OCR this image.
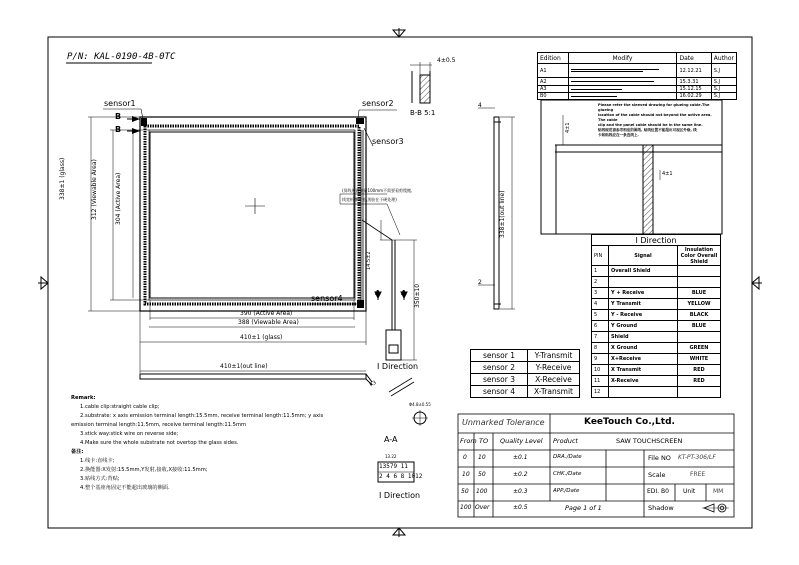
P/N: KAL-0190-4B-0TC	Edition	Modify	Date	Author
A1		12.12.21	S.J
A2		15.3.31	S.J
A3		15.12.15	S.J
B0		16.02.29	S.J
sensor1	sensor2
sensor3
sensor4
B
B
B-B 5:1
4±0.5
(屏线外露测量100mm不需要看剪缆搬,
线宽折叠弯处,黑胶在干硬处理)
390 (Active Area)
388 (Viewable Area)
410±1 (glass)
410±1(out line)
338±1 (glass)
312 (Viewable Area)
304 (Active Area)	338±1(out line)
350±10
14.5±2
A	A
I Direction
I Direction
A-A
R3
Φ4.8±0.55
13.22
13579 11
2 4 6 8 1012
4
2
Please refer the sleeved drawing for glueing cable.The glueing
location of the cable should not beyond the active area. The cable
clip and the panel cable should be in the same line.
贴线规范请参考相应的图纸, 贴线位置不能超出可视区外缘, 线
卡和贴线应在一条直线上.
4±1
4±1
Remark:
1.cable clip:straight cable clip;
2.substrate: x axis emission terminal length:15.5mm, receive terminal length:11.5mm; y axis
emission terminal length:11.5mm, receive terminal length:11.5mm
3.stick way:stick wire on reverse side;
4.Make sure the whole substrate not overtop the glass sides.
备注:
1.线卡:直线卡;
2.换能器:X发射:15.5mm,Y发射,接收,X接收:11.5mm;
3.贴线方式:背贴;
4.整个基座角固定不能超出玻璃的侧面.
sensor 1	Y-Transmit
sensor 2	Y-Receive
sensor 3	X-Receive
sensor 4	X-Transmit
I Direction		
PIN	Signal	Insulation Color Overall Shield
1	Overall Shield	
2		
3	Y + Receive	BLUE
4	Y Transmit	YELLOW
5	Y - Receive	BLACK
6	Y Ground	BLUE
7	Shield	
8	X Ground	GREEN
9	X+Receive	WHITE
10	X Transmit	RED
11	X-Receive	RED
12		
Unmarked Tolerance	KeeTouch Co.,Ltd.
From TO Quality Level Product	SAW TOUCHSCREEN
0 10	±0.1
10 50	±0.2
50 100	±0.3
100 Over	±0.5
DRA./Date
CHK./Date
APP./Date
File NO KT-PT-306/LF
Scale	FREE
EDI. B0 Unit	MM
Page 1 of 1	Shadow
